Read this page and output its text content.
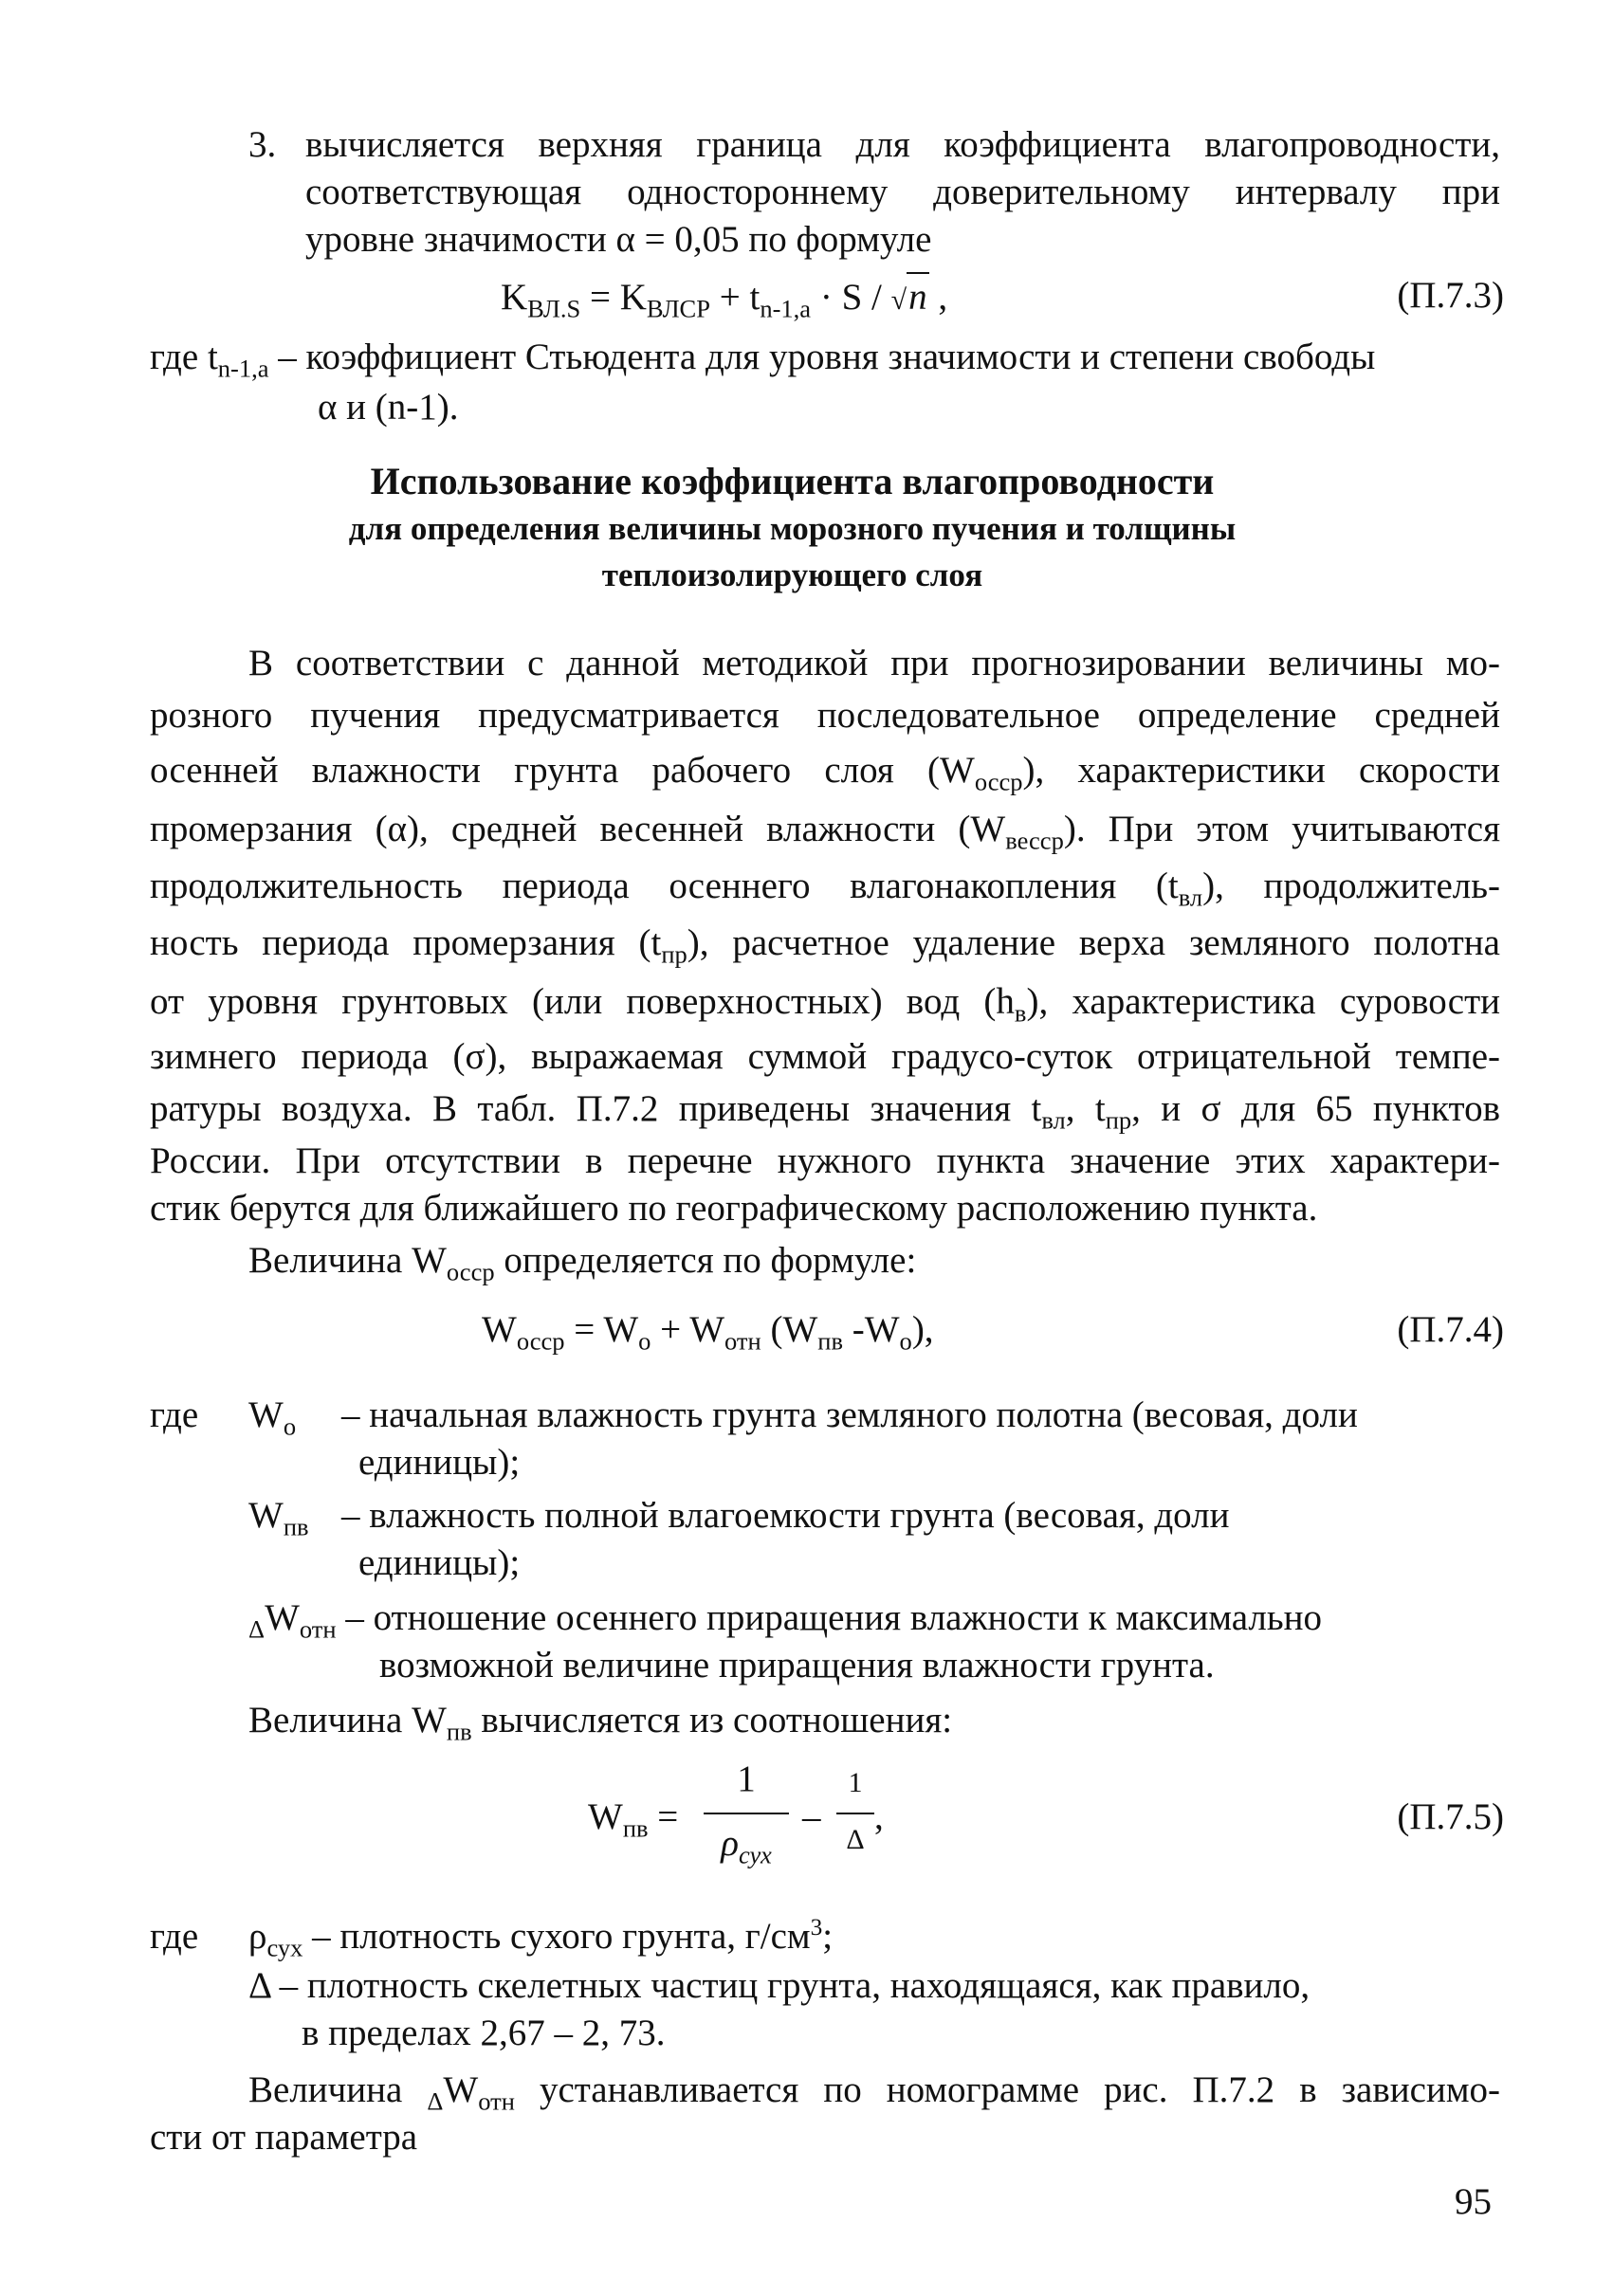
3. вычисляется верхняя граница для коэффициента влагопроводности,
соответствующая одностороннему доверительному интервалу при
уровне значимости α = 0,05 по формуле
$K_{ВЛ.S} = K_{ВЛСР} + t_{n-1,a} \cdot S / √n$ ,	(П.7.3)
где $t_{n-1,a}$ – коэффициент Стьюдента для уровня значимости и степени свободы
α и (n-1).
Использование коэффициента влагопроводности
для определения величины морозного пучения и толщины
теплоизолирующего слоя
В соответствии с данной методикой при прогнозировании величины мо-
розного пучения предусматривается последовательное определение средней
осенней влажности грунта рабочего слоя $(W_{оссp})$, характеристики скорости
промерзания (α), средней весенней влажности $(W_{весср})$. При этом учитываются
продолжительность периода осеннего влагонакопления $(t_{вл})$, продолжитель-
ность периода промерзания $(t_{пр})$, расчетное удаление верха земляного полотна
от уровня грунтовых (или поверхностных) вод $(h_в)$, характеристика суровости
зимнего периода (σ), выражаемая суммой градусо-суток отрицательной темпе-
ратуры воздуха. В табл. П.7.2 приведены значения $t_{вл}$, $t_{пр}$, и σ для 65 пунктов
России. При отсутствии в перечне нужного пункта значение этих характери-
стик берутся для ближайшего по географическому расположению пункта.
Величина $W_{оссp}$ определяется по формуле:
$W_{оссp} = W_o + W_{отн}$ ($W_{пв}$ $-W_o$),	(П.7.4)
где $W_o$ – начальная влажность грунта земляного полотна (весовая, доли
единицы);
$W_{пв}$ – влажность полной влагоемкости грунта (весовая, доли
единицы);
$_\Delta W_{отн}$ – отношение осеннего приращения влажности к максимально
возможной величине приращения влажности грунта.
Величина $W_{пв}$ вычисляется из соотношения:
$W_{пв}$ =
1
$\rho_{сух}$
–
1
Δ
,	(П.7.5)
где $\rho_{сух}$ – плотность сухого грунта, $г/см^3$;
Δ – плотность скелетных частиц грунта, находящаяся, как правило,
в пределах 2,67 – 2, 73.
Величина $_\Delta W_{отн}$ устанавливается по номограмме рис. П.7.2 в зависимо-
сти от параметра
95
